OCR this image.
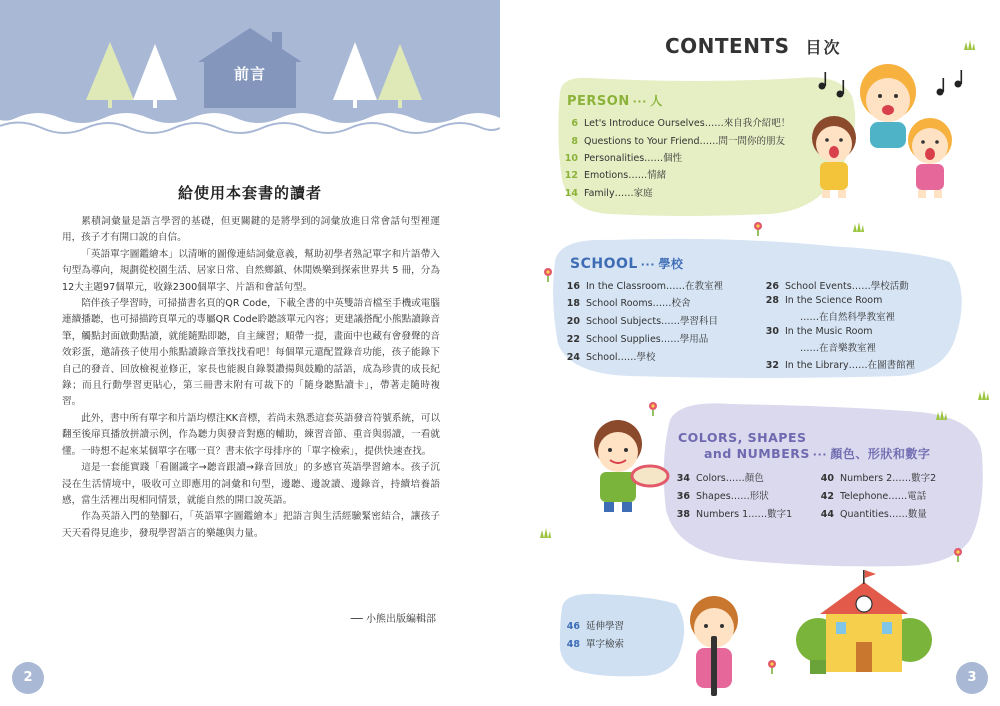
前言
給使用本套書的讀者

累積詞彙量是語言學習的基礎，但更關鍵的是將學到的詞彙放進日常會話句型裡運用，孩子才有開口說的自信。

「英語單字圖鑑繪本」以清晰的圖像連結詞彙意義，幫助初學者熟記單字和片語帶入句型為導向，規劃從校園生活、居家日常、自然鄉鎮、休閒娛樂到探索世界共 5 冊，分為12大主題97個單元，收錄2300個單字、片語和會話句型。

陪伴孩子學習時，可掃描書名頁的QR Code，下載全書的中英雙語音檔至手機或電腦連續播聽，也可掃描跨頁單元的專屬QR Code聆聽該單元內容；更建議搭配小熊點讀錄音筆，觸點封面啟動點讀，就能隨點即聽，自主練習；順帶一提，畫面中也藏有會發聲的音效彩蛋，邀請孩子使用小熊點讀錄音筆找找看吧！每個單元還配置錄音功能，孩子能錄下自己的發音、回放檢視並修正，家長也能親自錄製讚揚與鼓勵的話語，成為珍貴的成長紀錄；而且行動學習更貼心，第三冊書末附有可裁下的「隨身聽點讀卡」，帶著走隨時複習。

此外，書中所有單字和片語均標注KK音標，若尚未熟悉這套英語發音符號系統，可以翻至後扉頁播放拼讀示例，作為聽力與發音對應的輔助，練習音節、重音與弱讀，一看就懂。一時想不起來某個單字在哪一頁？書末依字母排序的「單字檢索」，提供快速查找。

這是一套能實踐「看圖識字→聽音跟讀→錄音回放」的多感官英語學習繪本。孩子沉浸在生活情境中，吸收可立即應用的詞彙和句型，邊聽、邊說讀、邊錄音，持續培養語感，當生活裡出現相同情景，就能自然的開口說英語。

作為英語入門的墊腳石，「英語單字圖鑑繪本」把語言與生活經驗緊密結合，讓孩子天天看得見進步，發現學習語言的樂趣與力量。

── 小熊出版編輯部
2
CONTENTS 目次
PERSON ‧‧‧ 人
6 Let's Introduce Ourselves……來自我介紹吧！
8 Questions to Your Friend……問一問你的朋友
10 Personalities……個性
12 Emotions……情緒
14 Family……家庭
SCHOOL ‧‧‧ 學校
16 In the Classroom……在教室裡
18 School Rooms……校舍
20 School Subjects……學習科目
22 School Supplies……學用品
24 School……學校
26 School Events……學校活動
28 In the Science Room
……在自然科學教室裡
30 In the Music Room
……在音樂教室裡
32 In the Library……在圖書館裡
COLORS, SHAPES
and NUMBERS ‧‧‧ 顏色、形狀和數字
34 Colors……顏色
36 Shapes……形狀
38 Numbers 1……數字1
40 Numbers 2……數字2
42 Telephone……電話
44 Quantities……數量
46 延伸學習
48 單字檢索
3
